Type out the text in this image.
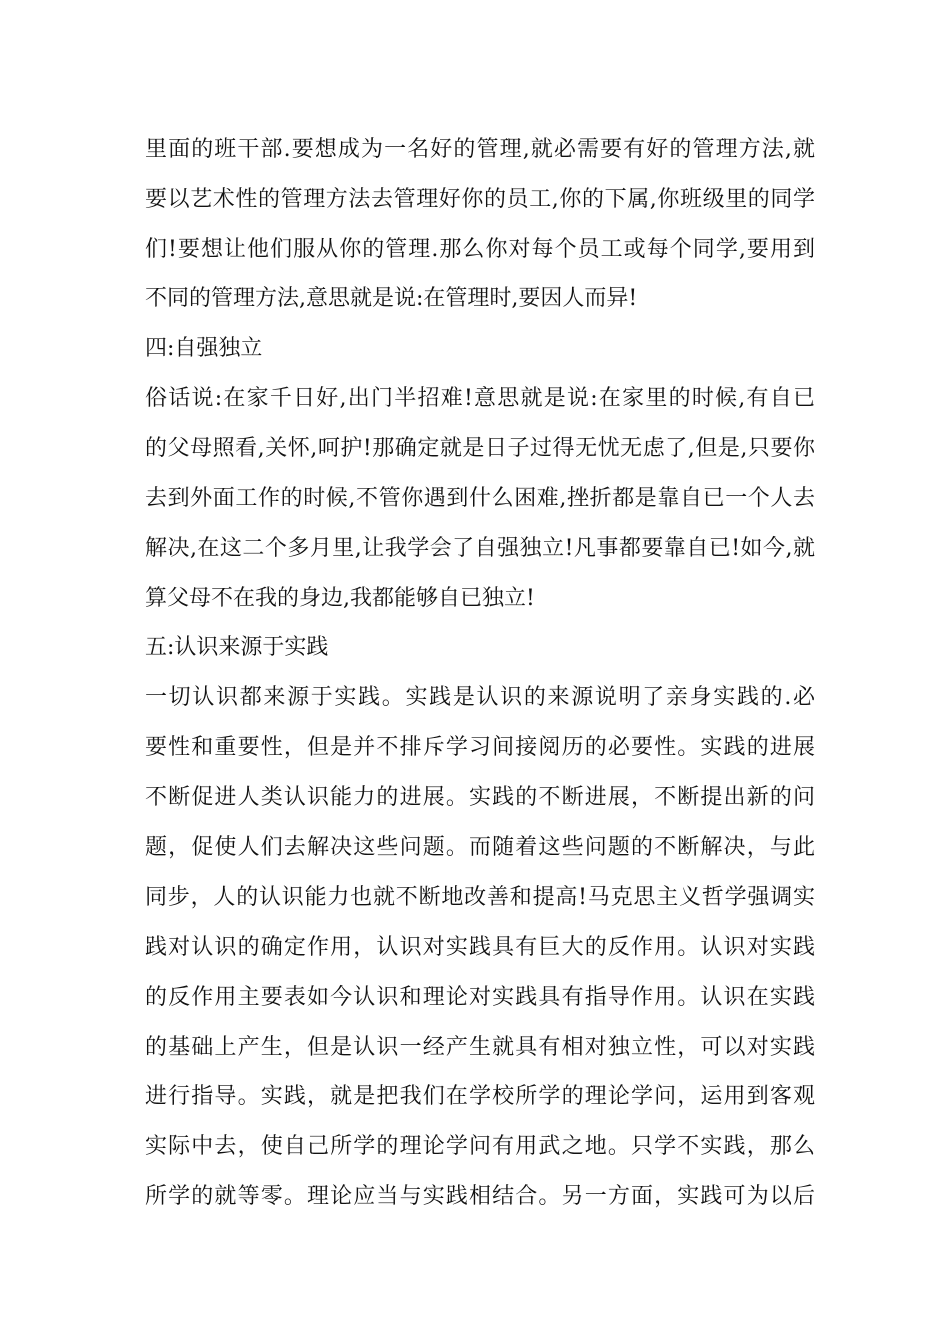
里面的班干部.要想成为一名好的管理,就必需要有好的管理方法,就
要以艺术性的管理方法去管理好你的员工,你的下属,你班级里的同学
们!要想让他们服从你的管理.那么你对每个员工或每个同学,要用到
不同的管理方法,意思就是说:在管理时,要因人而异!
四:自强独立
俗话说:在家千日好,出门半招难!意思就是说:在家里的时候,有自已
的父母照看,关怀,呵护!那确定就是日子过得无忧无虑了,但是,只要你
去到外面工作的时候,不管你遇到什么困难,挫折都是靠自已一个人去
解决,在这二个多月里,让我学会了自强独立!凡事都要靠自已!如今,就
算父母不在我的身边,我都能够自已独立!
五:认识来源于实践
一切认识都来源于实践。实践是认识的来源说明了亲身实践的.必
要性和重要性，但是并不排斥学习间接阅历的必要性。实践的进展
不断促进人类认识能力的进展。实践的不断进展，不断提出新的问
题，促使人们去解决这些问题。而随着这些问题的不断解决，与此
同步，人的认识能力也就不断地改善和提高!马克思主义哲学强调实
践对认识的确定作用，认识对实践具有巨大的反作用。认识对实践
的反作用主要表如今认识和理论对实践具有指导作用。认识在实践
的基础上产生，但是认识一经产生就具有相对独立性，可以对实践
进行指导。实践，就是把我们在学校所学的理论学问，运用到客观
实际中去，使自己所学的理论学问有用武之地。只学不实践，那么
所学的就等零。理论应当与实践相结合。另一方面，实践可为以后
